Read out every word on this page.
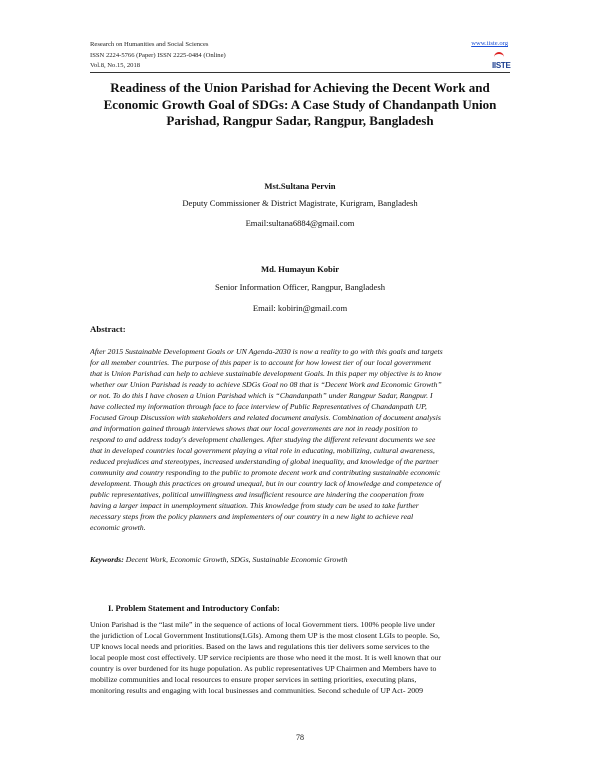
Research on Humanities and Social Sciences
ISSN 2224-5766 (Paper) ISSN 2225-0484 (Online)
Vol.8, No.15, 2018
www.iiste.org
IISTE
Readiness of the Union Parishad for Achieving the Decent Work and Economic Growth Goal of SDGs: A Case Study of Chandanpath Union Parishad, Rangpur Sadar, Rangpur, Bangladesh
Mst.Sultana Pervin
Deputy Commissioner & District Magistrate, Kurigram, Bangladesh
Email:sultana6884@gmail.com
Md. Humayun Kobir
Senior Information Officer, Rangpur, Bangladesh
Email: kobirin@gmail.com
Abstract:
After 2015 Sustainable Development Goals or UN Agenda-2030 is now a reality to go with this goals and targets
for all member countries. The purpose of this paper is to account for how lowest tier of our local government
that is Union Parishad can help to achieve sustainable development Goals. In this paper my objective is to know
whether our Union Parishad is ready to achieve SDGs Goal no 08 that is “Decent Work and Economic Growth”
or not. To do this I have chosen a Union Parishad which is “Chandanpath” under Rangpur Sadar, Rangpur. I
have collected my information through face to face interview of Public Representatives of Chandanpath UP,
Focused Group Discussion with stakeholders and related document analysis. Combination of document analysis
and information gained through interviews shows that our local governments are not in ready position to
respond to and address today's development challenges. After studying the different relevant documents we see
that in developed countries local government playing a vital role in educating, mobilizing, cultural awareness,
reduced prejudices and stereotypes, increased understanding of global inequality, and knowledge of the partner
community and country responding to the public to promote decent work and contributing sustainable economic
development. Though this practices on ground unequal, but in our country lack of knowledge and competence of
public representatives, political unwillingness and insufficient resource are hindering the cooperation from
having a larger impact in unemployment situation. This knowledge from study can be used to take further
necessary steps from the policy planners and implementers of our country in a new light to achieve real
economic growth.
Keywords: Decent Work, Economic Growth, SDGs, Sustainable Economic Growth
I. Problem Statement and Introductory Confab:
Union Parishad is the “last mile” in the sequence of actions of local Government tiers. 100% people live under
the juridiction of Local Government Institutions(LGIs). Among them UP is the most closent LGIs to people. So,
UP knows local needs and priorities. Based on the laws and regulations this tier delivers some services to the
local people most cost effectively. UP service recipients are those who need it the most. It is well known that our
country is over burdened for its huge population. As public representatives UP Chairmen and Members have to
mobilize communities and local resources to ensure proper services in setting priorities, executing plans,
monitoring results and engaging with local businesses and communities. Second schedule of UP Act- 2009
78
